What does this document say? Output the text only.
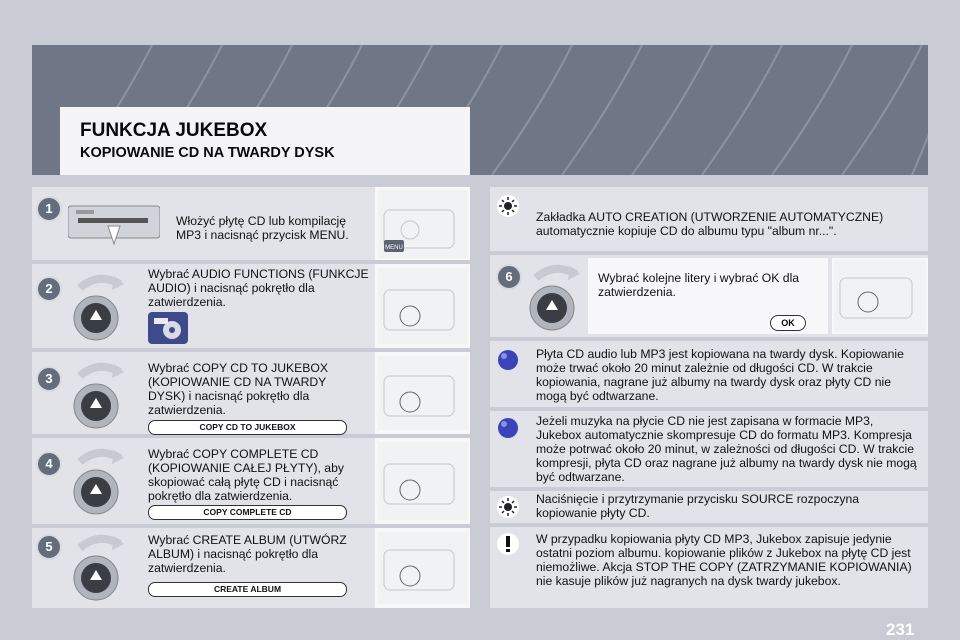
FUNKCJA JUKEBOX
KOPIOWANIE CD NA TWARDY DYSK
1
Włożyć płytę CD lub kompilację MP3 i nacisnąć przycisk MENU.
MENU
2
Wybrać AUDIO FUNCTIONS (FUNKCJE AUDIO) i nacisnąć pokrętło dla zatwierdzenia.
3
Wybrać COPY CD TO JUKEBOX (KOPIOWANIE CD NA TWARDY DYSK) i nacisnąć pokrętło dla zatwierdzenia.
COPY CD TO JUKEBOX
4
Wybrać COPY COMPLETE CD (KOPIOWANIE CAŁEJ PŁYTY), aby skopiować całą płytę CD i nacisnąć pokrętło dla zatwierdzenia.
COPY COMPLETE CD
5	Wybrać CREATE ALBUM (UTWÓRZ ALBUM) i nacisnąć pokrętło dla zatwierdzenia.
CREATE ALBUM
Zakładka AUTO CREATION (UTWORZENIE AUTOMATYCZNE) automatycznie kopiuje CD do albumu typu "album nr...".
6	Wybrać kolejne litery i wybrać OK dla zatwierdzenia.
OK
Płyta CD audio lub MP3 jest kopiowana na twardy dysk. Kopiowanie może trwać około 20 minut zależnie od długości CD. W trakcie kopiowania, nagrane już albumy na twardy dysk oraz płyty CD nie mogą być odtwarzane.
Jeżeli muzyka na płycie CD nie jest zapisana w formacie MP3, Jukebox automatycznie skompresuje CD do formatu MP3. Kompresja może potrwać około 20 minut, w zależności od długości CD. W trakcie kompresji, płyta CD oraz nagrane już albumy na twardy dysk nie mogą być odtwarzane.
Naciśnięcie i przytrzymanie przycisku SOURCE rozpoczyna kopiowanie płyty CD.
W przypadku kopiowania płyty CD MP3, Jukebox zapisuje jedynie ostatni poziom albumu. kopiowanie plików z Jukebox na płytę CD jest niemożliwe. Akcja STOP THE COPY (ZATRZYMANIE KOPIOWANIA) nie kasuje plików już nagranych na dysk twardy jukebox.
231
